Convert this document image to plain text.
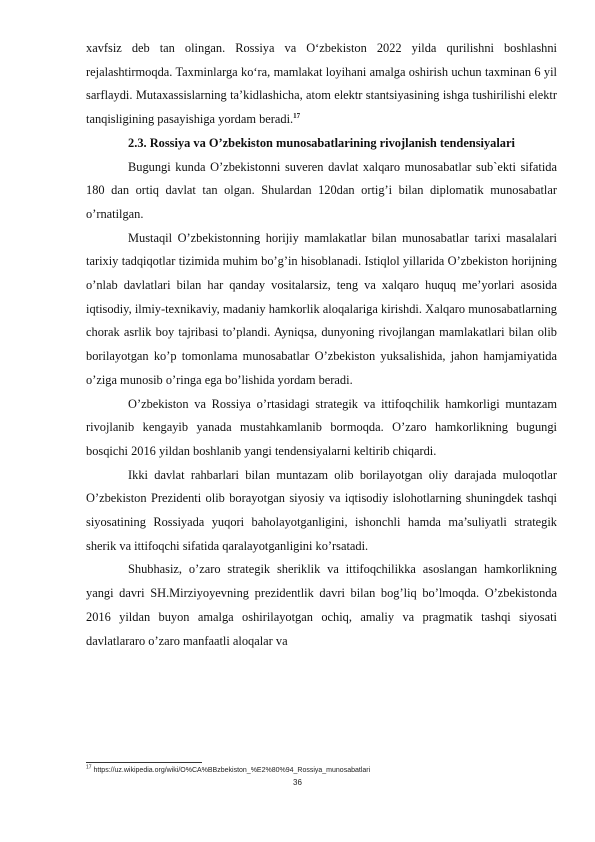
xavfsiz deb tan olingan. Rossiya va O‘zbekiston 2022 yilda qurilishni boshlashni rejalashtirmoqda. Taxminlarga ko‘ra, mamlakat loyihani amalga oshirish uchun taxminan 6 yil sarflaydi. Mutaxassislarning ta’kidlashicha, atom elektr stantsiyasining ishga tushirilishi elektr tanqisligining pasayishiga yordam beradi.$^{17}$

2.3. Rossiya va O’zbekiston munosabatlarining rivojlanish tendensiyalari

Bugungi kunda O’zbekistonni suveren davlat xalqaro munosabatlar sub`ekti sifatida 180 dan ortiq davlat tan olgan. Shulardan 120dan ortig’i bilan diplomatik munosabatlar o’rnatilgan.

Mustaqil O’zbekistonning horijiy mamlakatlar bilan munosabatlar tarixi masalalari tarixiy tadqiqotlar tizimida muhim bo’g’in hisoblanadi. Istiqlol yillarida O’zbekiston horijning o’nlab davlatlari bilan har qanday vositalarsiz, teng va xalqaro huquq me’yorlari asosida iqtisodiy, ilmiy-texnikaviy, madaniy hamkorlik aloqalariga kirishdi. Xalqaro munosabatlarning chorak asrlik boy tajribasi to’plandi. Ayniqsa, dunyoning rivojlangan mamlakatlari bilan olib borilayotgan ko’p tomonlama munosabatlar O’zbekiston yuksalishida, jahon hamjamiyatida o’ziga munosib o’ringa ega bo’lishida yordam beradi.

O’zbekiston va Rossiya o’rtasidagi strategik va ittifoqchilik hamkorligi muntazam rivojlanib kengayib yanada mustahkamlanib bormoqda. O’zaro hamkorlikning bugungi bosqichi 2016 yildan boshlanib yangi tendensiyalarni keltirib chiqardi.

Ikki davlat rahbarlari bilan muntazam olib borilayotgan oliy darajada muloqotlar O’zbekiston Prezidenti olib borayotgan siyosiy va iqtisodiy islohotlarning shuningdek tashqi siyosatining Rossiyada yuqori baholayotganligini, ishonchli hamda ma’suliyatli strategik sherik va ittifoqchi sifatida qaralayotganligini ko’rsatadi.

Shubhasiz, o’zaro strategik sheriklik va ittifoqchilikka asoslangan hamkorlikning yangi davri SH.Mirziyoyevning prezidentlik davri bilan bog’liq bo’lmoqda. O’zbekistonda 2016 yildan buyon amalga oshirilayotgan ochiq, amaliy va pragmatik tashqi siyosati davlatlararo o’zaro manfaatli aloqalar va

$^{17}$ https://uz.wikipedia.org/wiki/O%CA%BBzbekiston_%E2%80%94_Rossiya_munosabatlari
36
